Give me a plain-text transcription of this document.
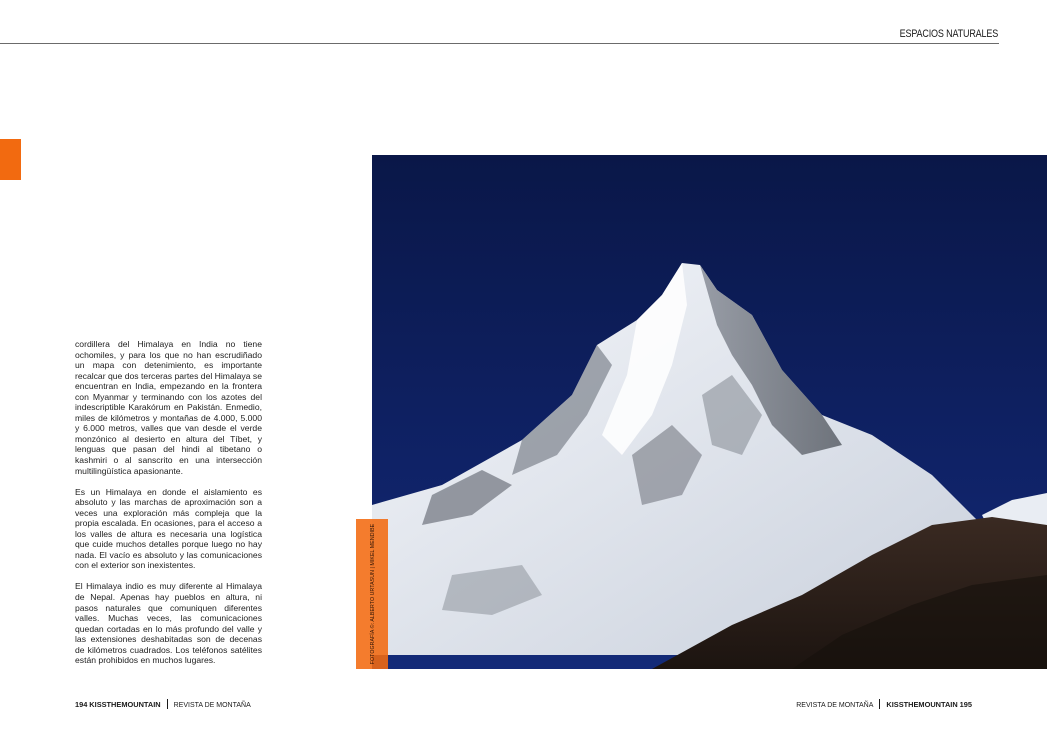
ESPACIOS NATURALES

cordillera del Himalaya en India no tiene ochomiles, y para los que no han escrudiñado un mapa con detenimiento, es importante recalcar que dos terceras partes del Himalaya se encuentran en India, empezando en la frontera con Myanmar y terminando con los azotes del indescriptible Karakórum en Pakistán. Enmedio, miles de kilómetros y montañas de 4.000, 5.000 y 6.000 metros, valles que van desde el verde monzónico al desierto en altura del Tíbet, y lenguas que pasan del hindi al tibetano o kashmiri o al sanscrito en una intersección multilingüística apasionante.

Es un Himalaya en donde el aislamiento es absoluto y las marchas de aproximación son a veces una exploración más compleja que la propia escalada. En ocasiones, para el acceso a los valles de altura es necesaria una logística que cuide muchos detalles porque luego no hay nada. El vacío es absoluto y las comunicaciones con el exterior son inexistentes.

El Himalaya indio es muy diferente al Himalaya de Nepal. Apenas hay pueblos en altura, ni pasos naturales que comuniquen diferentes valles. Muchas veces, las comunicaciones quedan cortadas en lo más profundo del valle y las extensiones deshabitadas son de decenas de kilómetros cuadrados. Los teléfonos satélites están prohibidos en muchos lugares.	FOTOGRAFÍA ©: ALBERTO URTASUN | MIKEL MENDIBE
194 KISSTHEMOUNTAIN REVISTA DE MONTAÑA	REVISTA DE MONTAÑA KISSTHEMOUNTAIN 195
